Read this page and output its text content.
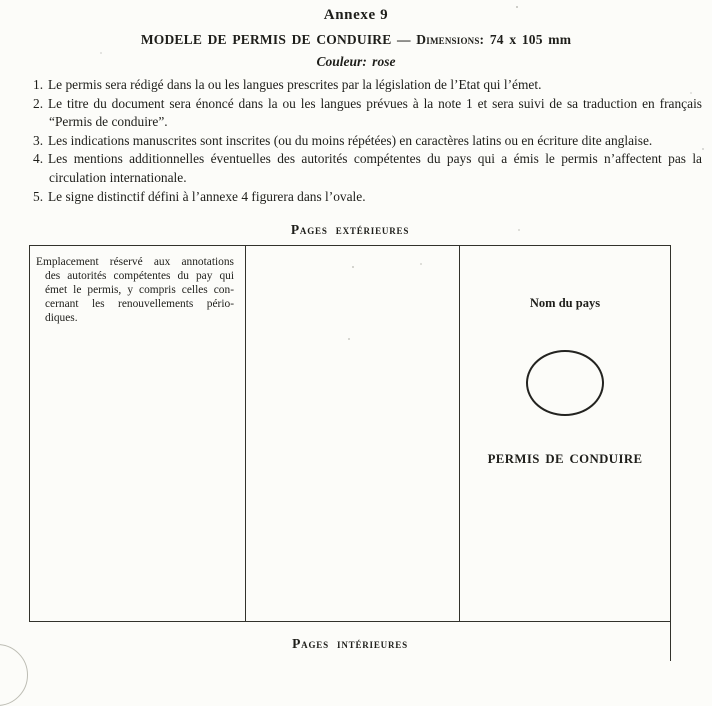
Annexe 9
MODELE DE PERMIS DE CONDUIRE — Dimensions: 74 x 105 mm
Couleur: rose
1. Le permis sera rédigé dans la ou les langues prescrites par la législation de l’Etat qui l’émet.
2. Le titre du document sera énoncé dans la ou les langues prévues à la note 1 et sera suivi de sa traduction en français “Permis de conduire”.
3. Les indications manuscrites sont inscrites (ou du moins répétées) en caractères latins ou en écriture dite anglaise.
4. Les mentions additionnelles éventuelles des autorités compétentes du pays qui a émis le permis n’affectent pas la circulation internationale.
5. Le signe distinctif défini à l’annexe 4 figurera dans l’ovale.
Pages extérieures
Emplacement réservé aux annotations
des autorités compétentes du pay qui
émet le permis, y compris celles con-
cernant les renouvellements pério-
diques.
Nom du pays
PERMIS DE CONDUIRE
Pages intérieures
